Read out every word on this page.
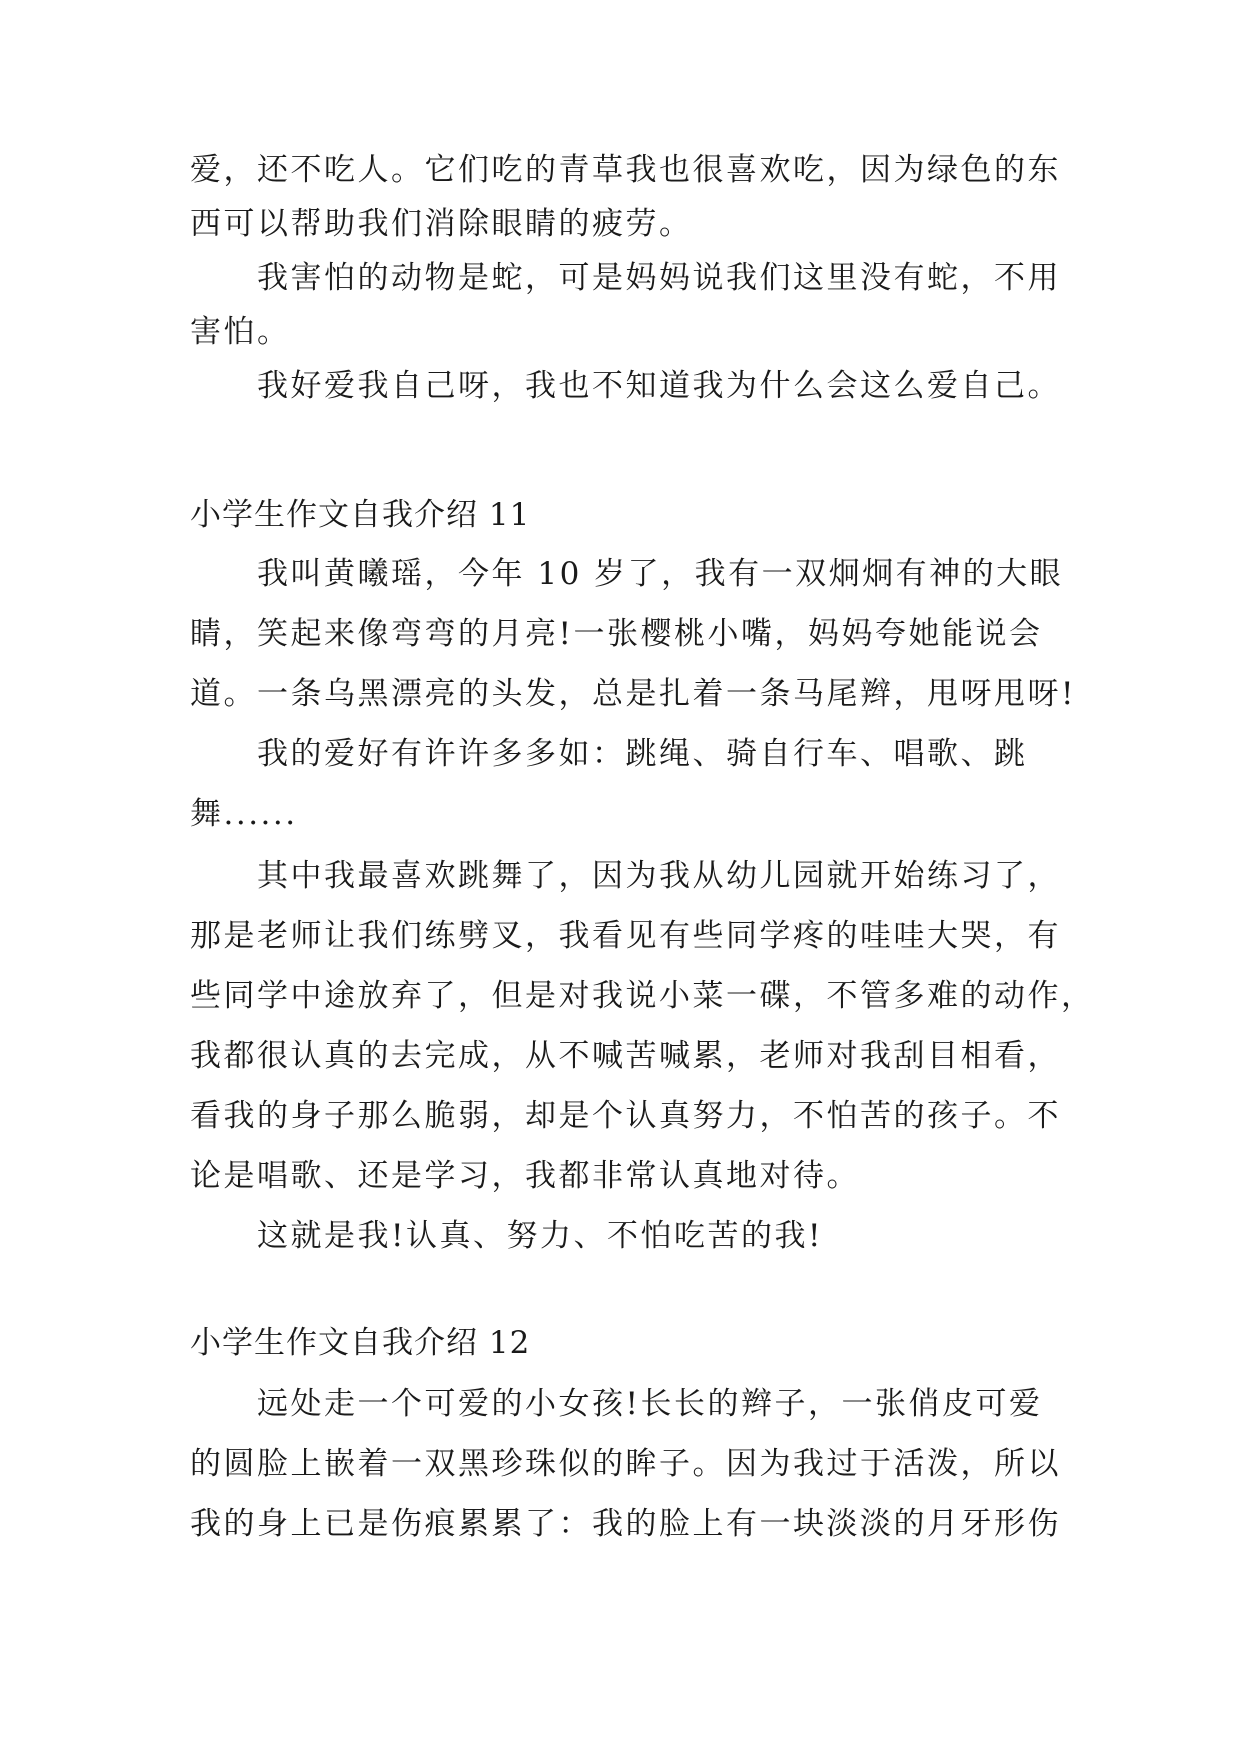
爱，还不吃人。它们吃的青草我也很喜欢吃，因为绿色的东
西可以帮助我们消除眼睛的疲劳。
我害怕的动物是蛇，可是妈妈说我们这里没有蛇，不用
害怕。
我好爱我自己呀，我也不知道我为什么会这么爱自己。
小学生作文自我介绍 11
我叫黄曦瑶，今年 10 岁了，我有一双炯炯有神的大眼
睛，笑起来像弯弯的月亮!一张樱桃小嘴，妈妈夸她能说会
道。一条乌黑漂亮的头发，总是扎着一条马尾辫，甩呀甩呀!
我的爱好有许许多多如：跳绳、骑自行车、唱歌、跳
舞......
其中我最喜欢跳舞了，因为我从幼儿园就开始练习了，
那是老师让我们练劈叉，我看见有些同学疼的哇哇大哭，有
些同学中途放弃了，但是对我说小菜一碟，不管多难的动作，
我都很认真的去完成，从不喊苦喊累，老师对我刮目相看，
看我的身子那么脆弱，却是个认真努力，不怕苦的孩子。不
论是唱歌、还是学习，我都非常认真地对待。
这就是我!认真、努力、不怕吃苦的我!
小学生作文自我介绍 12
远处走一个可爱的小女孩!长长的辫子，一张俏皮可爱
的圆脸上嵌着一双黑珍珠似的眸子。因为我过于活泼，所以
我的身上已是伤痕累累了：我的脸上有一块淡淡的月牙形伤
